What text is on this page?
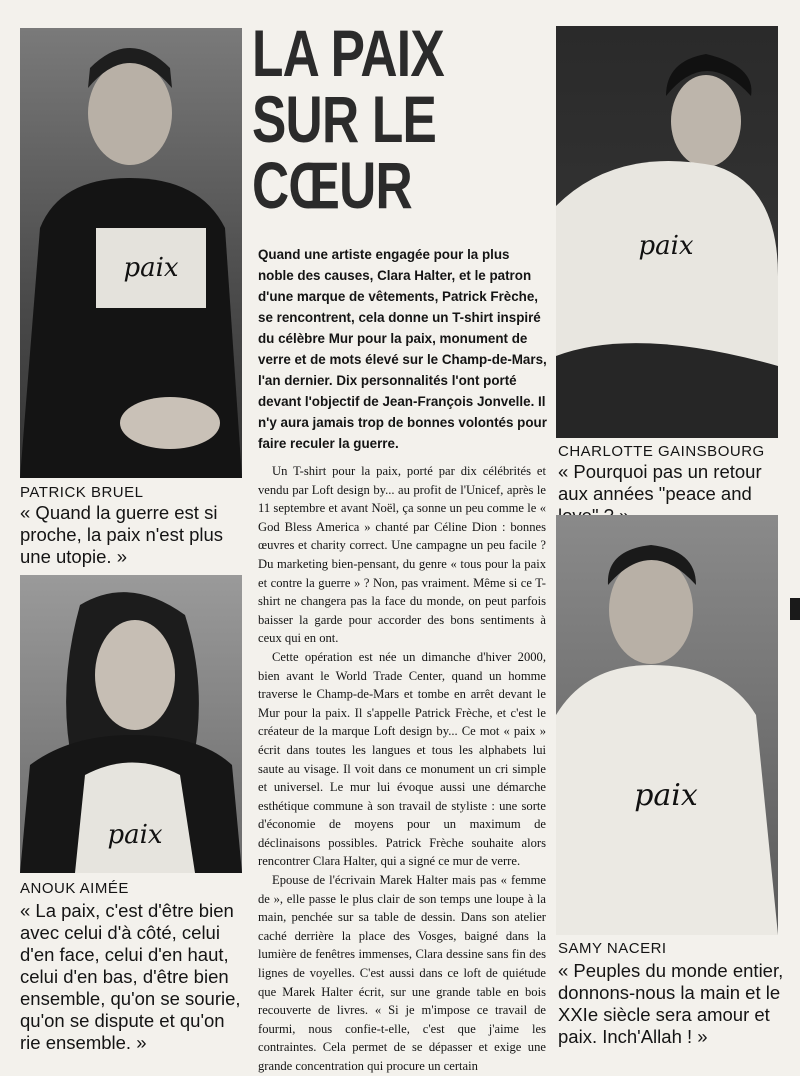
LA PAIX
SUR LE
CŒUR
paix

PATRICK BRUEL

« Quand la guerre est si proche, la paix n'est plus une utopie. »

paix

ANOUK AIMÉE

« La paix, c'est d'être bien avec celui d'à côté, celui d'en face, celui d'en haut, celui d'en bas, d'être bien ensemble, qu'on se sourie, qu'on se dispute et qu'on rie ensemble. »

paix

CHARLOTTE GAINSBOURG

« Pourquoi pas un retour aux années "peace and

paix

SAMY NACERI

« Peuples du monde entier, donnons-nous la main et le XXIe siècle sera amour et paix. Inch'Allah ! »

Quand une artiste engagée pour la plus noble des causes, Clara Halter, et le patron d'une marque de vêtements, Patrick Frèche, se rencontrent, cela donne un T-shirt inspiré du célèbre Mur pour la paix, monument de verre et de mots élevé sur le Champ-de-Mars, l'an dernier. Dix personnalités l'ont porté devant l'objectif de Jean-François Jonvelle. Il n'y aura jamais trop de bonnes volontés pour faire reculer la guerre.

Un T-shirt pour la paix, porté par dix célébrités et vendu par Loft design by... au profit de l'Unicef, après le 11 septembre et avant Noël, ça sonne un peu comme le « God Bless America » chanté par Céline Dion : bonnes œuvres et charity correct. Une campagne un peu facile ? Du marketing bien-pensant, du genre « tous pour la paix et contre la guerre » ? Non, pas vraiment. Même si ce T-shirt ne changera pas la face du monde, on peut parfois baisser la garde pour accorder des bons sentiments à ceux qui en ont.

Cette opération est née un dimanche d'hiver 2000, bien avant le World Trade Center, quand un homme traverse le Champ-de-Mars et tombe en arrêt devant le Mur pour la paix. Il s'appelle Patrick Frèche, et c'est le créateur de la marque Loft design by... Ce mot « paix » écrit dans toutes les langues et tous les alphabets lui saute au visage. Il voit dans ce monument un cri simple et universel. Le mur lui évoque aussi une démarche esthétique commune à son travail de styliste : une sorte d'économie de moyens pour un maximum de déclinaisons possibles. Patrick Frèche souhaite alors rencontrer Clara Halter, qui a signé ce mur de verre.

Epouse de l'écrivain Marek Halter mais pas « femme de », elle passe le plus clair de son temps une loupe à la main, penchée sur sa table de dessin. Dans son atelier caché derrière la place des Vosges, baigné dans la lumière de fenêtres immenses, Clara dessine sans fin des lignes de voyelles. C'est aussi dans ce loft de quiétude que Marek Halter écrit, sur une grande table en bois recouverte de livres. « Si je m'impose ce travail de fourmi, nous confie-t-elle, c'est que j'aime les contraintes. Cela permet de se dépasser et exige une grande concentration qui procure un certain
